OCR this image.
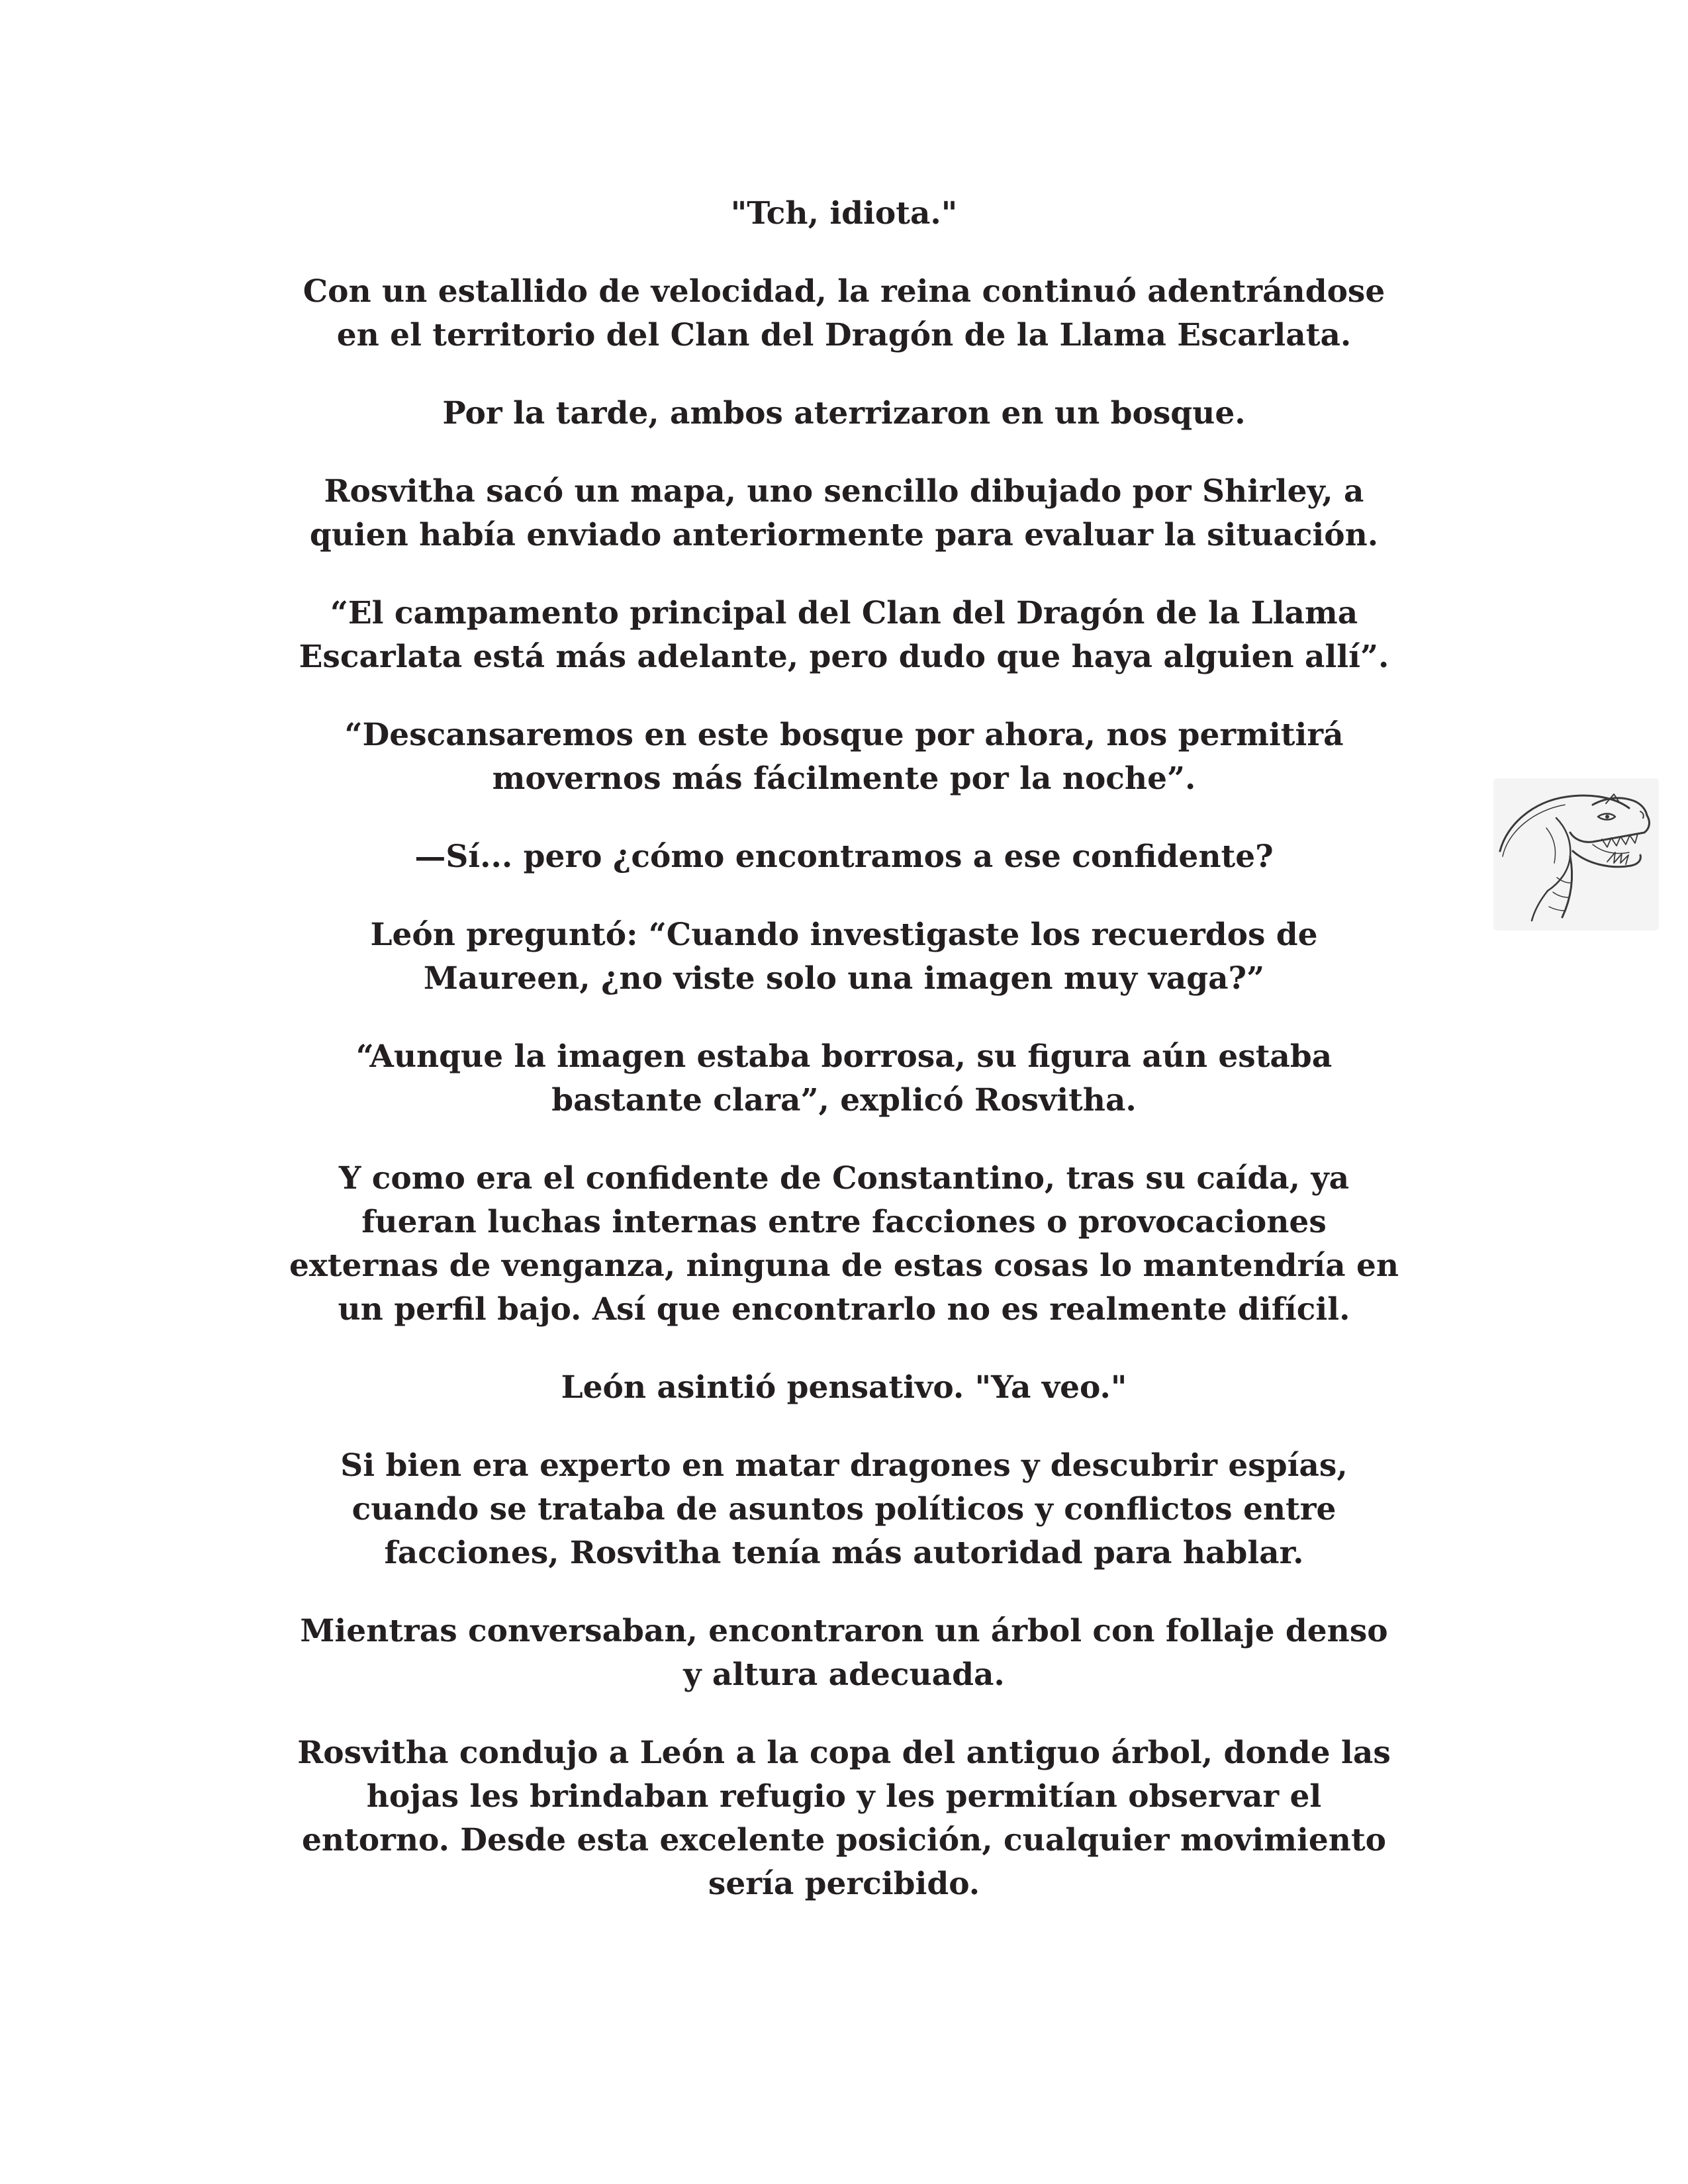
"Tch, idiota."

Con un estallido de velocidad, la reina continuó adentrándose
en el territorio del Clan del Dragón de la Llama Escarlata.

Por la tarde, ambos aterrizaron en un bosque.

Rosvitha sacó un mapa, uno sencillo dibujado por Shirley, a
quien había enviado anteriormente para evaluar la situación.

“El campamento principal del Clan del Dragón de la Llama
Escarlata está más adelante, pero dudo que haya alguien allí”.

“Descansaremos en este bosque por ahora, nos permitirá
movernos más fácilmente por la noche”.

—Sí... pero ¿cómo encontramos a ese confidente?

León preguntó: “Cuando investigaste los recuerdos de
Maureen, ¿no viste solo una imagen muy vaga?”

“Aunque la imagen estaba borrosa, su figura aún estaba
bastante clara”, explicó Rosvitha.

Y como era el confidente de Constantino, tras su caída, ya
fueran luchas internas entre facciones o provocaciones
externas de venganza, ninguna de estas cosas lo mantendría en
un perfil bajo. Así que encontrarlo no es realmente difícil.

León asintió pensativo. "Ya veo."

Si bien era experto en matar dragones y descubrir espías,
cuando se trataba de asuntos políticos y conflictos entre
facciones, Rosvitha tenía más autoridad para hablar.

Mientras conversaban, encontraron un árbol con follaje denso
y altura adecuada.

Rosvitha condujo a León a la copa del antiguo árbol, donde las
hojas les brindaban refugio y les permitían observar el
entorno. Desde esta excelente posición, cualquier movimiento
sería percibido.
